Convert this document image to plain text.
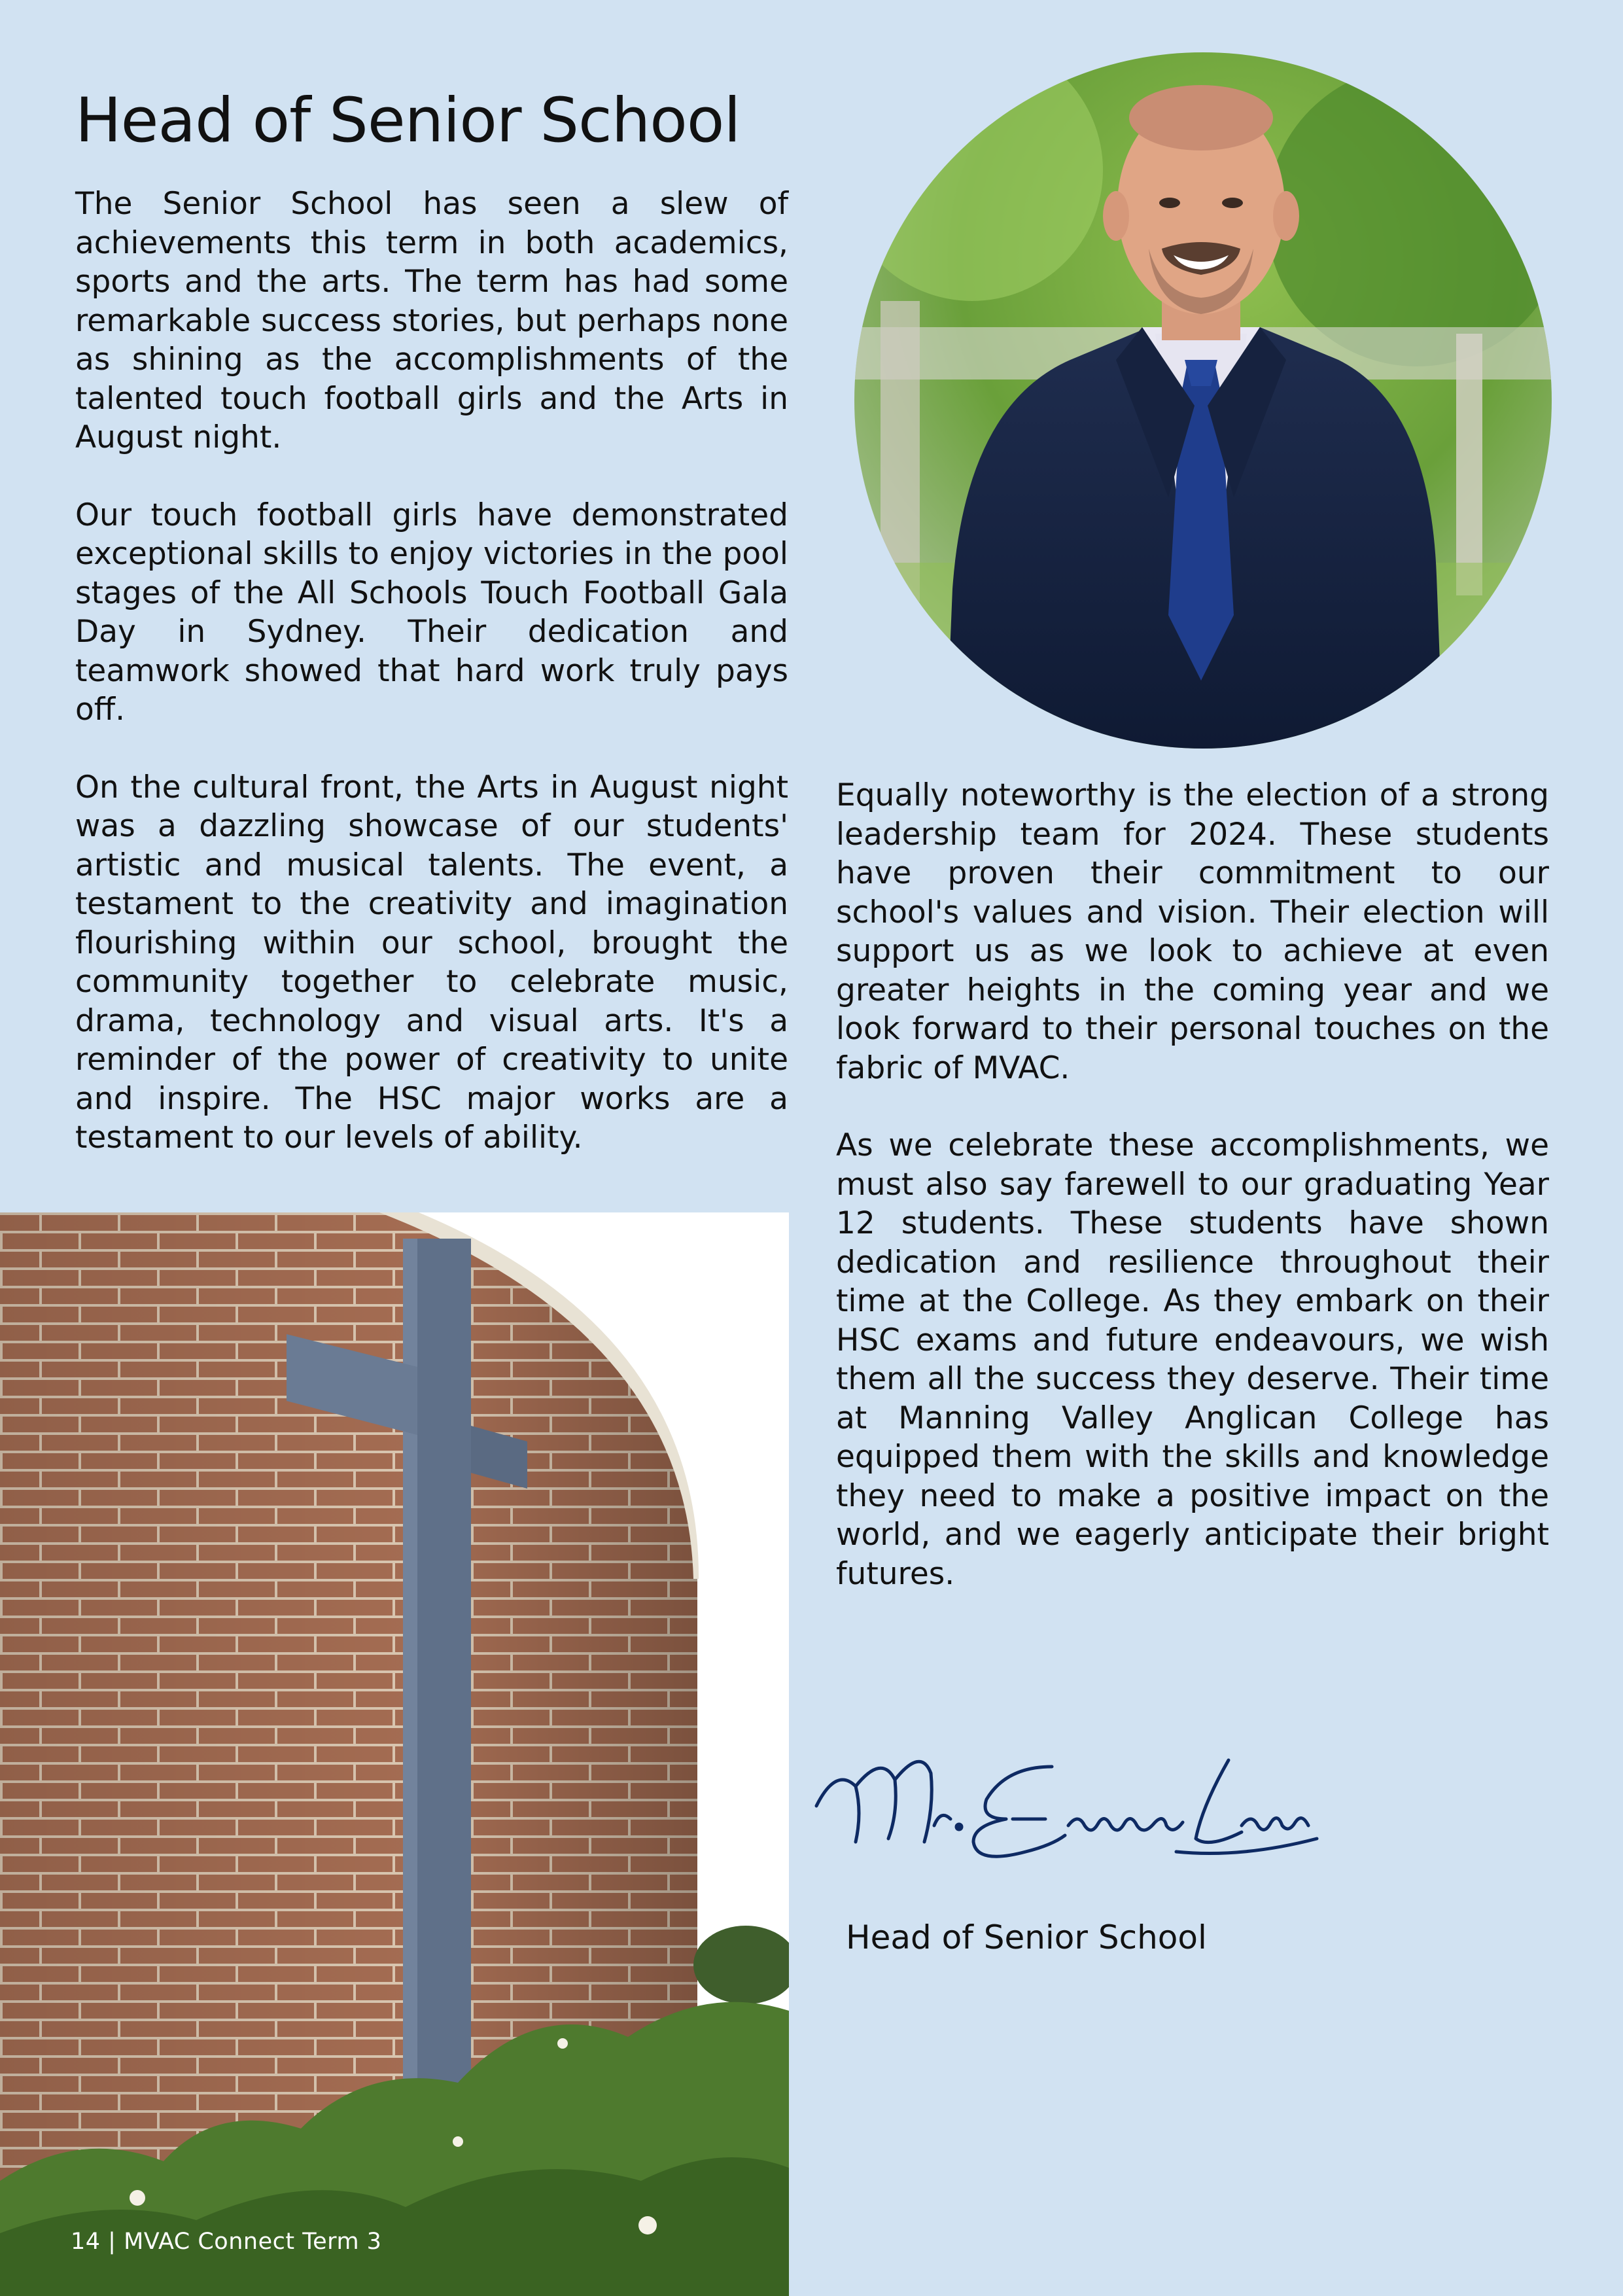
Head of Senior School

The Senior School has seen a slew of achievements this term in both academics, sports and the arts. The term has had some remarkable success stories, but perhaps none as shining as the accomplishments of the talented touch football girls and the Arts in August night.

Our touch football girls have demonstrated exceptional skills to enjoy victories in the pool stages of the All Schools Touch Football Gala Day in Sydney. Their dedication and teamwork showed that hard work truly pays off.

On the cultural front, the Arts in August night was a dazzling showcase of our students' artistic and musical talents. The event, a testament to the creativity and imagination flourishing within our school, brought the community together to celebrate music, drama, technology and visual arts. It's a reminder of the power of creativity to unite and inspire. The HSC major works are a testament to our levels of ability.

Equally noteworthy is the election of a strong leadership team for 2024. These students have proven their commitment to our school's values and vision. Their election will support us as we look to achieve at even greater heights in the coming year and we look forward to their personal touches on the fabric of MVAC.

As we celebrate these accomplishments, we must also say farewell to our graduating Year 12 students. These students have shown dedication and resilience throughout their time at the College. As they embark on their HSC exams and future endeavours, we wish them all the success they deserve. Their time at Manning Valley Anglican College has equipped them with the skills and knowledge they need to make a positive impact on the world, and we eagerly anticipate their bright futures.

Head of Senior School
14 | MVAC Connect Term 3
